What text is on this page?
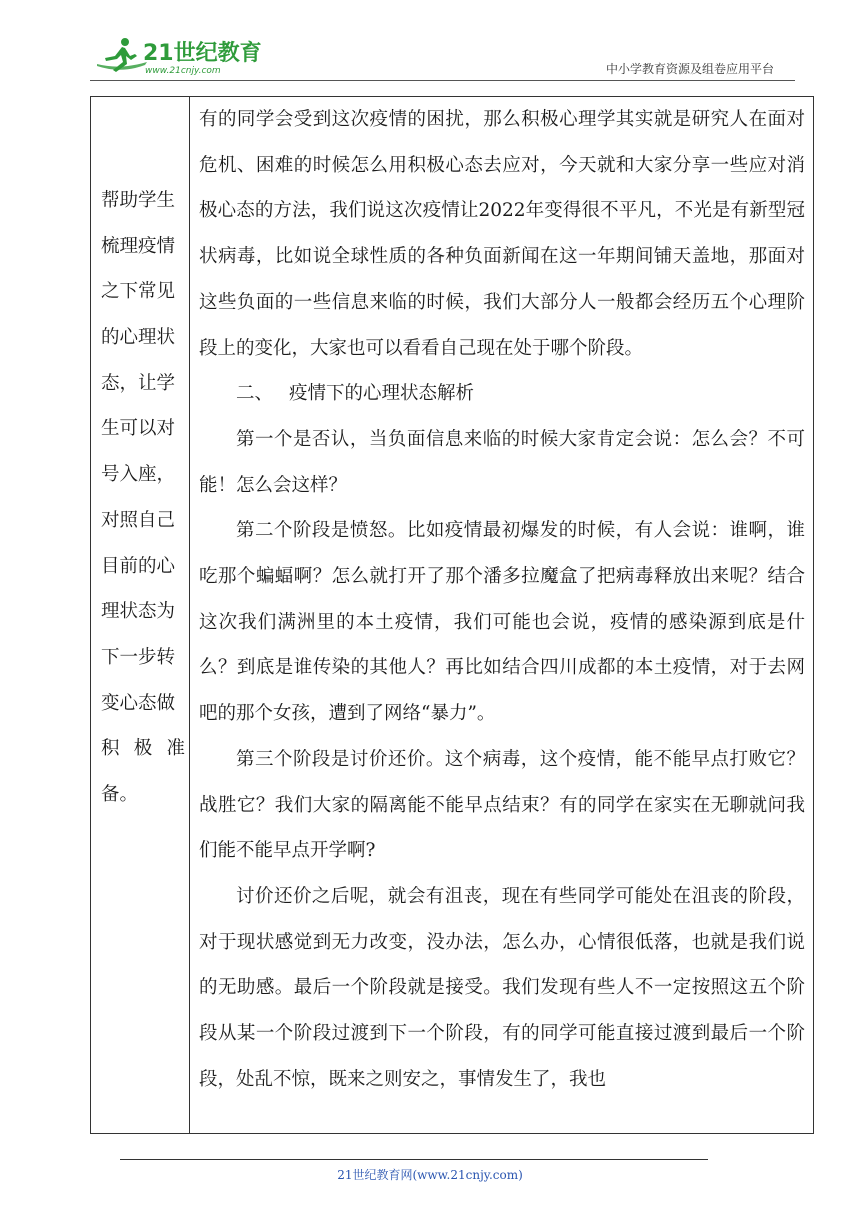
21世纪教育
www.21cnjy.com	中小学教育资源及组卷应用平台
帮助学生
梳理疫情
之下常见
的心理状
态，让学
生可以对
号入座，
对照自己
目前的心
理状态为
下一步转
变心态做
积 极 准
备。

有的同学会受到这次疫情的困扰，那么积极心理学其实就是研究人在面对危机、困难的时候怎么用积极心态去应对，今天就和大家分享一些应对消极心态的方法，我们说这次疫情让2022年变得很不平凡，不光是有新型冠状病毒，比如说全球性质的各种负面新闻在这一年期间铺天盖地，那面对这些负面的一些信息来临的时候，我们大部分人一般都会经历五个心理阶段上的变化，大家也可以看看自己现在处于哪个阶段。

二、 疫情下的心理状态解析

第一个是否认，当负面信息来临的时候大家肯定会说：怎么会？不可能！怎么会这样？

第二个阶段是愤怒。比如疫情最初爆发的时候，有人会说：谁啊，谁吃那个蝙蝠啊？怎么就打开了那个潘多拉魔盒了把病毒释放出来呢？结合这次我们满洲里的本土疫情，我们可能也会说，疫情的感染源到底是什么？到底是谁传染的其他人？再比如结合四川成都的本土疫情，对于去网吧的那个女孩，遭到了网络“暴力”。

第三个阶段是讨价还价。这个病毒，这个疫情，能不能早点打败它？战胜它？我们大家的隔离能不能早点结束？有的同学在家实在无聊就问我们能不能早点开学啊?

讨价还价之后呢，就会有沮丧，现在有些同学可能处在沮丧的阶段，对于现状感觉到无力改变，没办法，怎么办，心情很低落，也就是我们说的无助感。最后一个阶段就是接受。我们发现有些人不一定按照这五个阶段从某一个阶段过渡到下一个阶段，有的同学可能直接过渡到最后一个阶段，处乱不惊，既来之则安之，事情发生了，我也

21世纪教育网(www.21cnjy.com)
